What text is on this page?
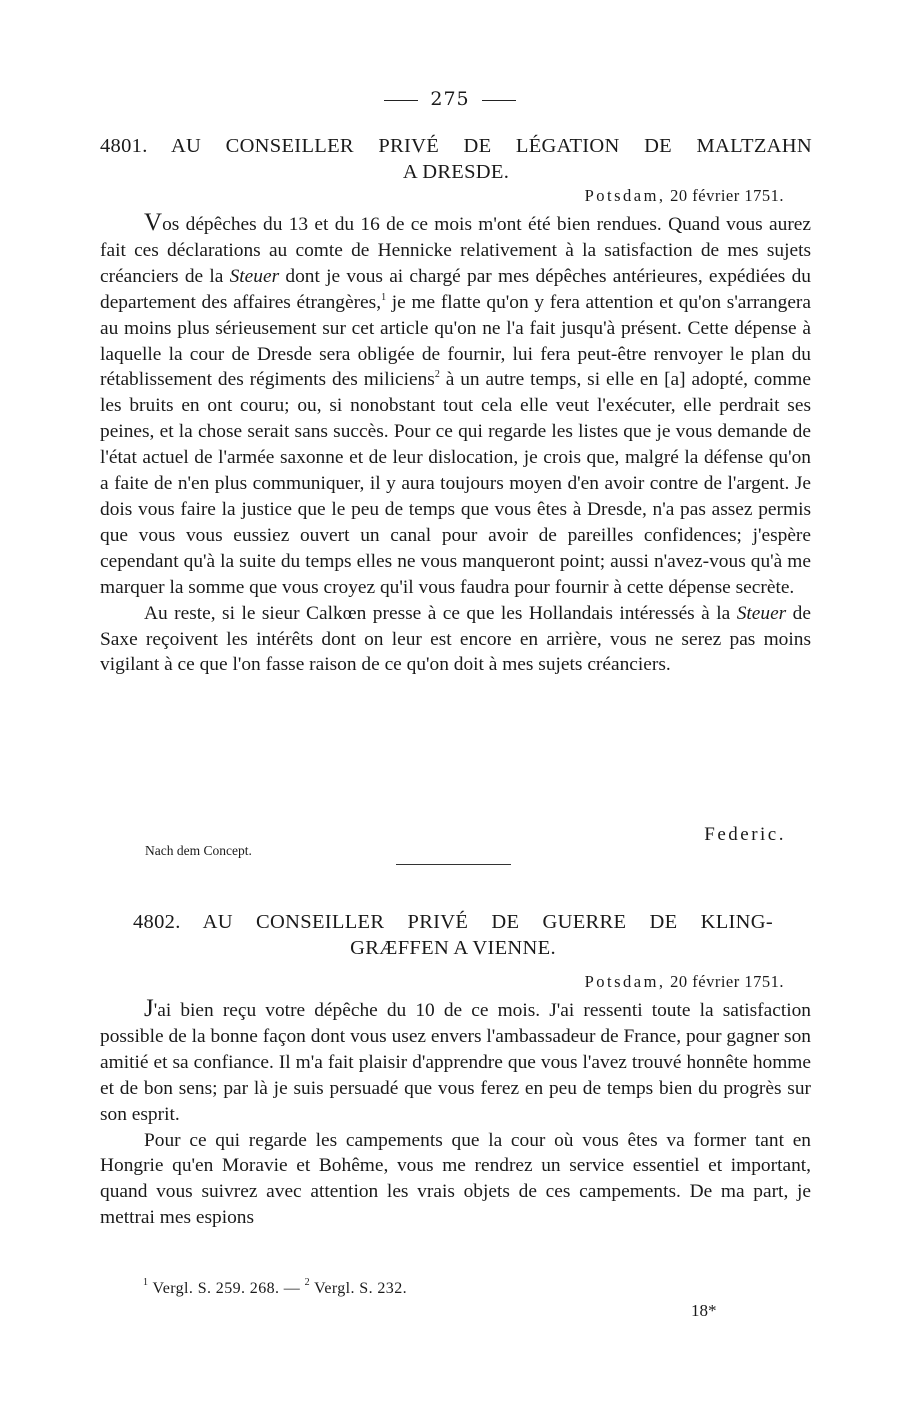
275
4801. AU CONSEILLER PRIVÉ DE LÉGATION DE MALTZAHN
A DRESDE.
Potsdam, 20 février 1751.

Vos dépêches du 13 et du 16 de ce mois m'ont été bien rendues. Quand vous aurez fait ces déclarations au comte de Hennicke relativement à la satisfaction de mes sujets créanciers de la Steuer dont je vous ai chargé par mes dépêches antérieures, expédiées du departement des affaires étrangères,$^1$ je me flatte qu'on y fera attention et qu'on s'arrangera au moins plus sérieusement sur cet article qu'on ne l'a fait jusqu'à présent. Cette dépense à laquelle la cour de Dresde sera obligée de fournir, lui fera peut-être renvoyer le plan du rétablissement des régiments des miliciens$^2$ à un autre temps, si elle en [a] adopté, comme les bruits en ont couru; ou, si nonobstant tout cela elle veut l'exécuter, elle perdrait ses peines, et la chose serait sans succès. Pour ce qui regarde les listes que je vous demande de l'état actuel de l'armée saxonne et de leur dislocation, je crois que, malgré la défense qu'on a faite de n'en plus communiquer, il y aura toujours moyen d'en avoir contre de l'argent. Je dois vous faire la justice que le peu de temps que vous êtes à Dresde, n'a pas assez permis que vous vous eussiez ouvert un canal pour avoir de pareilles confidences; j'espère cependant qu'à la suite du temps elles ne vous manqueront point; aussi n'avez-vous qu'à me marquer la somme que vous croyez qu'il vous faudra pour fournir à cette dépense secrète.

Au reste, si le sieur Calkœn presse à ce que les Hollandais intéressés à la Steuer de Saxe reçoivent les intérêts dont on leur est encore en arrière, vous ne serez pas moins vigilant à ce que l'on fasse raison de ce qu'on doit à mes sujets créanciers.

Federic.
Nach dem Concept.
4802. AU CONSEILLER PRIVÉ DE GUERRE DE KLING-
GRÆFFEN A VIENNE.
Potsdam, 20 février 1751.

J'ai bien reçu votre dépêche du 10 de ce mois. J'ai ressenti toute la satisfaction possible de la bonne façon dont vous usez envers l'ambassadeur de France, pour gagner son amitié et sa confiance. Il m'a fait plaisir d'apprendre que vous l'avez trouvé honnête homme et de bon sens; par là je suis persuadé que vous ferez en peu de temps bien du progrès sur son esprit.

Pour ce qui regarde les campements que la cour où vous êtes va former tant en Hongrie qu'en Moravie et Bohême, vous me rendrez un service essentiel et important, quand vous suivrez avec attention les vrais objets de ces campements. De ma part, je mettrai mes espions

$^1$ Vergl. S. 259. 268. — $^2$ Vergl. S. 232.
18*
